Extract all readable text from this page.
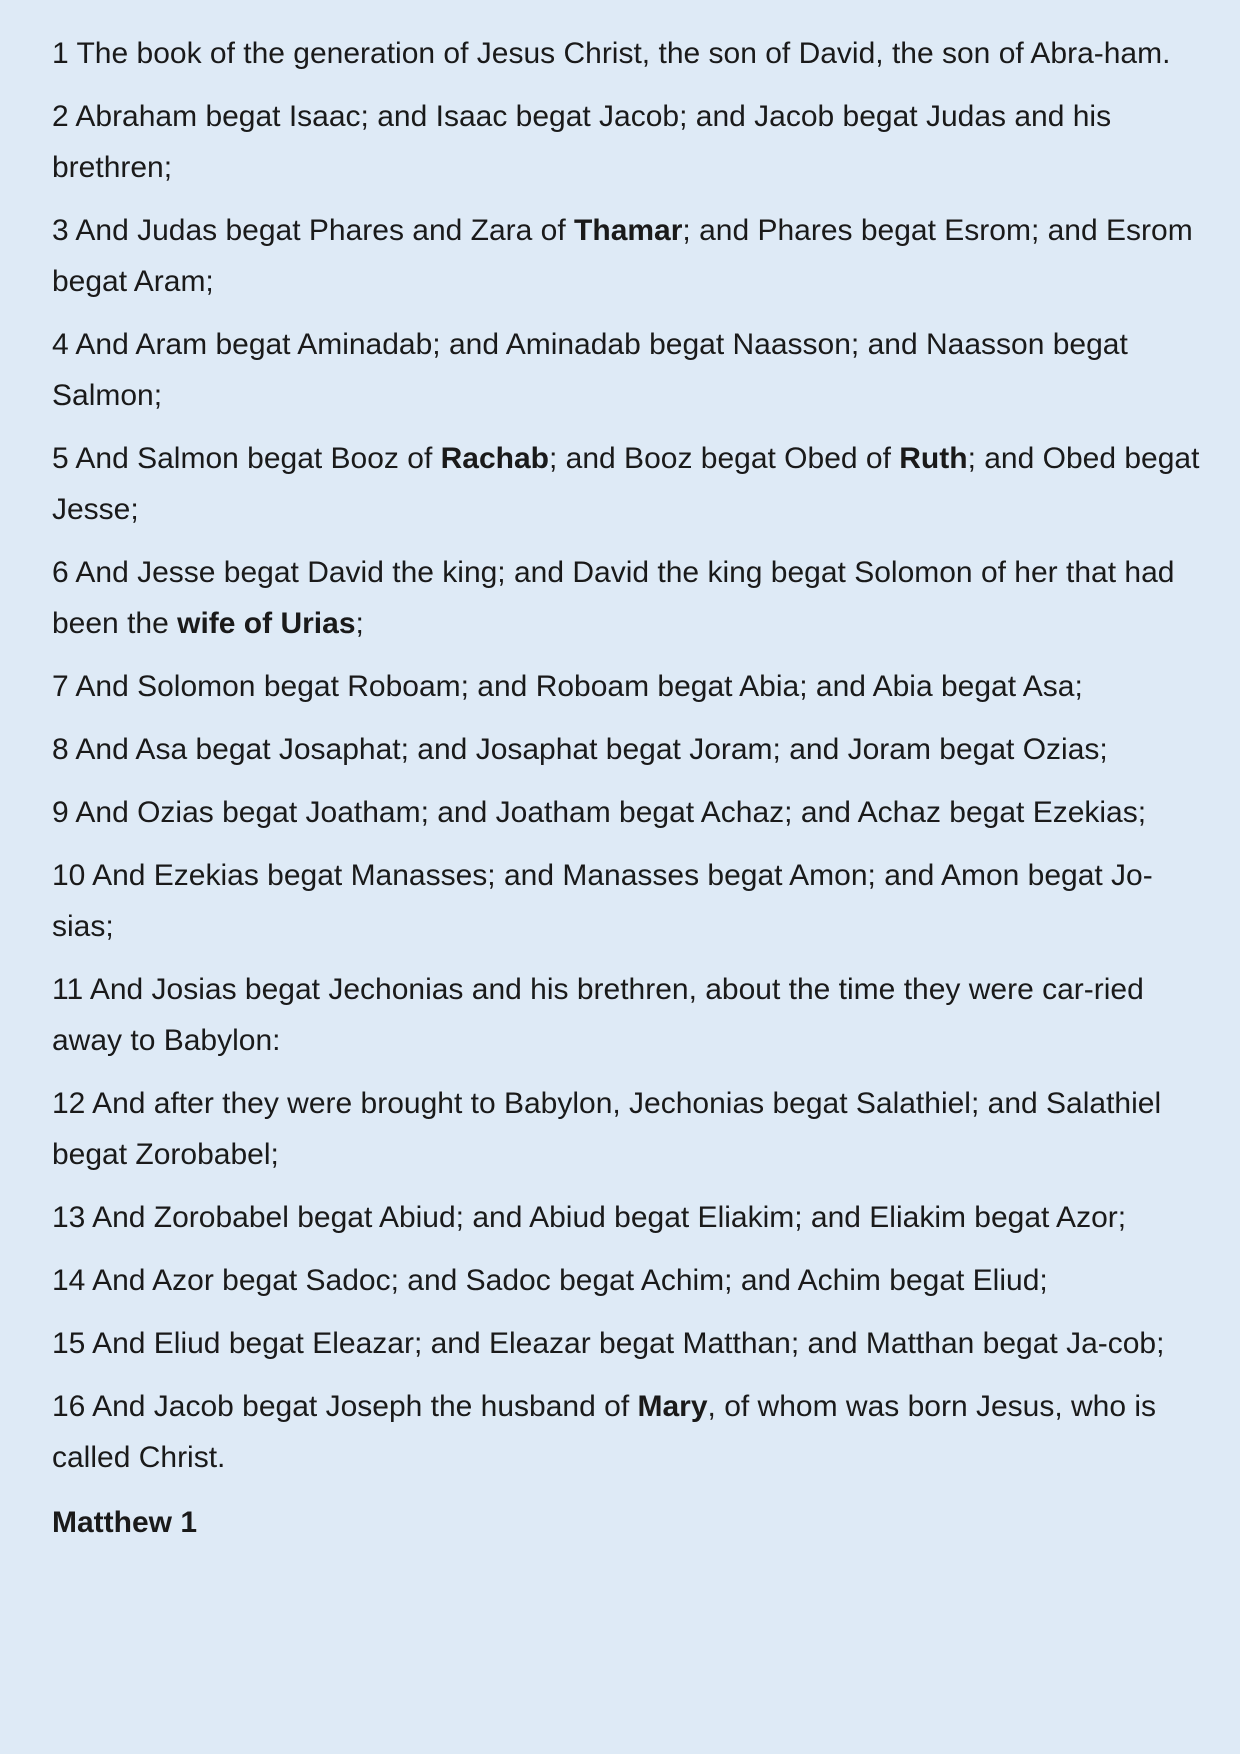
1 The book of the generation of Jesus Christ, the son of David, the son of Abra-ham.

2 Abraham begat Isaac; and Isaac begat Jacob; and Jacob begat Judas and his brethren;

3 And Judas begat Phares and Zara of Thamar; and Phares begat Esrom; and Esrom begat Aram;

4 And Aram begat Aminadab; and Aminadab begat Naasson; and Naasson begat Salmon;

5 And Salmon begat Booz of Rachab; and Booz begat Obed of Ruth; and Obed begat Jesse;

6 And Jesse begat David the king; and David the king begat Solomon of her that had been the wife of Urias;

7 And Solomon begat Roboam; and Roboam begat Abia; and Abia begat Asa;

8 And Asa begat Josaphat; and Josaphat begat Joram; and Joram begat Ozias;

9 And Ozias begat Joatham; and Joatham begat Achaz; and Achaz begat Ezekias;

10 And Ezekias begat Manasses; and Manasses begat Amon; and Amon begat Jo-sias;

11 And Josias begat Jechonias and his brethren, about the time they were car-ried away to Babylon:

12 And after they were brought to Babylon, Jechonias begat Salathiel; and Salathiel begat Zorobabel;

13 And Zorobabel begat Abiud; and Abiud begat Eliakim; and Eliakim begat Azor;

14 And Azor begat Sadoc; and Sadoc begat Achim; and Achim begat Eliud;

15 And Eliud begat Eleazar; and Eleazar begat Matthan; and Matthan begat Ja-cob;

16 And Jacob begat Joseph the husband of Mary, of whom was born Jesus, who is called Christ.

Matthew 1
